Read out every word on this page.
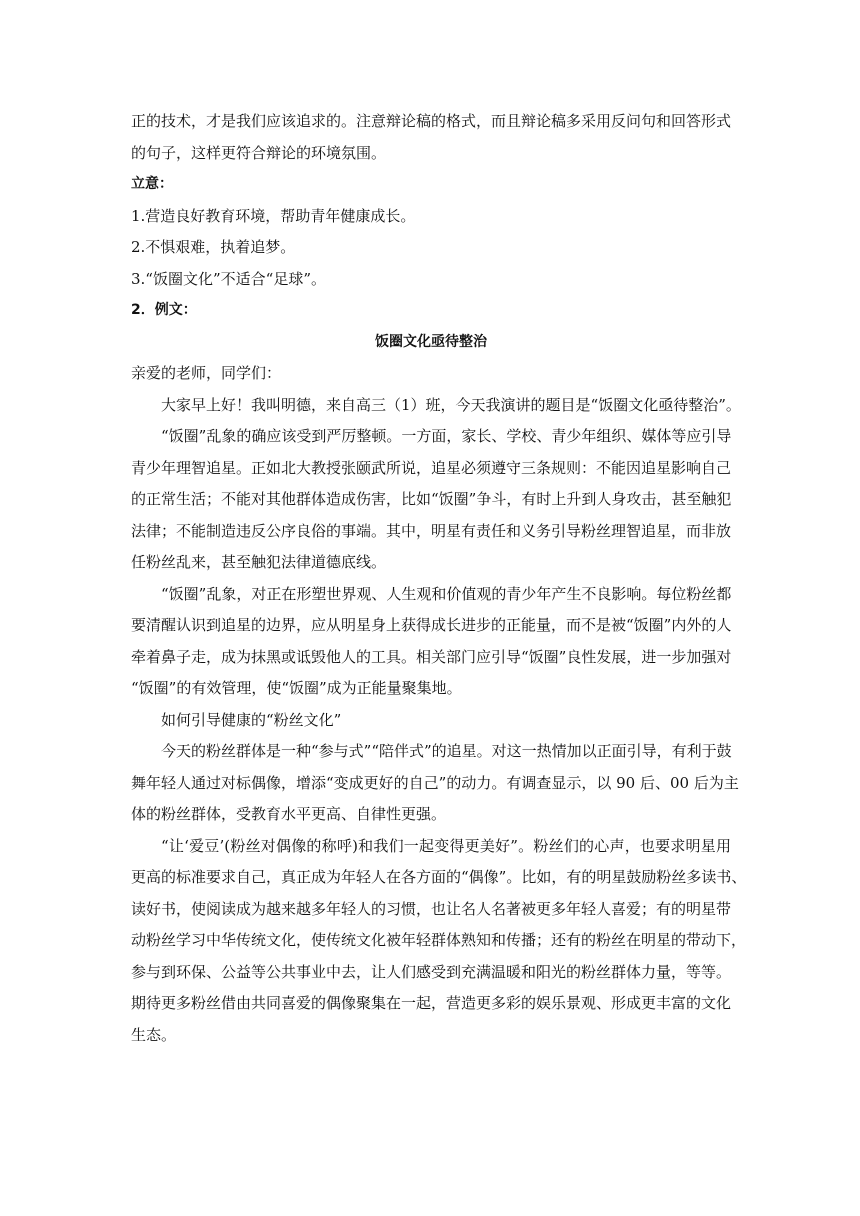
正的技术，才是我们应该追求的。注意辩论稿的格式，而且辩论稿多采用反问句和回答形式

的句子，这样更符合辩论的环境氛围。

立意：

1.营造良好教育环境，帮助青年健康成长。

2.不惧艰难，执着追梦。

3.“饭圈文化”不适合“足球”。

2．例文：

饭圈文化亟待整治

亲爱的老师，同学们：

大家早上好！我叫明德，来自高三（1）班，今天我演讲的题目是“饭圈文化亟待整治”。

“饭圈”乱象的确应该受到严厉整顿。一方面，家长、学校、青少年组织、媒体等应引导

青少年理智追星。正如北大教授张颐武所说，追星必须遵守三条规则：不能因追星影响自己

的正常生活；不能对其他群体造成伤害，比如“饭圈”争斗，有时上升到人身攻击，甚至触犯

法律；不能制造违反公序良俗的事端。其中，明星有责任和义务引导粉丝理智追星，而非放

任粉丝乱来，甚至触犯法律道德底线。

“饭圈”乱象，对正在形塑世界观、人生观和价值观的青少年产生不良影响。每位粉丝都

要清醒认识到追星的边界，应从明星身上获得成长进步的正能量，而不是被“饭圈”内外的人

牵着鼻子走，成为抹黑或诋毁他人的工具。相关部门应引导“饭圈”良性发展，进一步加强对

“饭圈”的有效管理，使“饭圈”成为正能量聚集地。

如何引导健康的“粉丝文化”

今天的粉丝群体是一种“参与式”“陪伴式”的追星。对这一热情加以正面引导，有利于鼓

舞年轻人通过对标偶像，增添“变成更好的自己”的动力。有调查显示，以 90 后、00 后为主

体的粉丝群体，受教育水平更高、自律性更强。

“让‘爱豆’(粉丝对偶像的称呼)和我们一起变得更美好”。粉丝们的心声，也要求明星用

更高的标准要求自己，真正成为年轻人在各方面的“偶像”。比如，有的明星鼓励粉丝多读书、

读好书，使阅读成为越来越多年轻人的习惯，也让名人名著被更多年轻人喜爱；有的明星带

动粉丝学习中华传统文化，使传统文化被年轻群体熟知和传播；还有的粉丝在明星的带动下，

参与到环保、公益等公共事业中去，让人们感受到充满温暖和阳光的粉丝群体力量，等等。

期待更多粉丝借由共同喜爱的偶像聚集在一起，营造更多彩的娱乐景观、形成更丰富的文化

生态。
